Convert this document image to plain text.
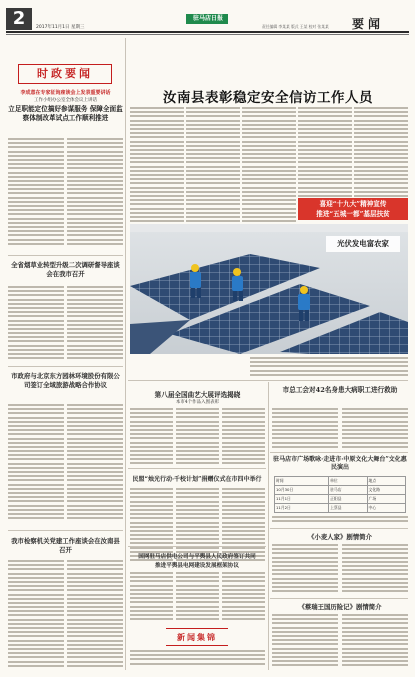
2	2017年11月1日 星期三
驻马店日报
责任编辑 李某某 版式 王某 校对 张某某 要闻
时政要闻
李成意在专家征询座谈会上发表重要讲话
工作小组办公室全体会议上讲话
立足职能定位搞好参谋服务 保障全面监察体制改革试点工作顺利推进
全省烟草业转型升级二次调研督导座谈会在我市召开
市政府与北京东方园林环境股份有限公司签订全域旅游战略合作协议
我市检察机关党建工作座谈会在汝南县召开
汝南县表彰稳定安全信访工作人员
喜迎“十九大”精神宣传
推进“五城一都”基层扶贫
光伏发电富农家
第八届全国曲艺大展评选揭晓
本市4个作品入围表彰
民盟“烛光行动·千校计划”捐赠仪式在市四中举行
市总工会对42名身患大病职工进行救助
驻马店市广场歌咏·走进市·中原文化大舞台”文化惠民演出
时间	单位	地点
10月30日	驻马店	文化路
11月1日	正阳县	广场
11月2日	上蔡县	中心
《小麦人家》剧情简介
《蔡瑞王国历险记》剧情简介
国网驻马店供电公司与平舆县人民政府签订共同
推进平舆县电网建设发展框架协议
新闻集锦
